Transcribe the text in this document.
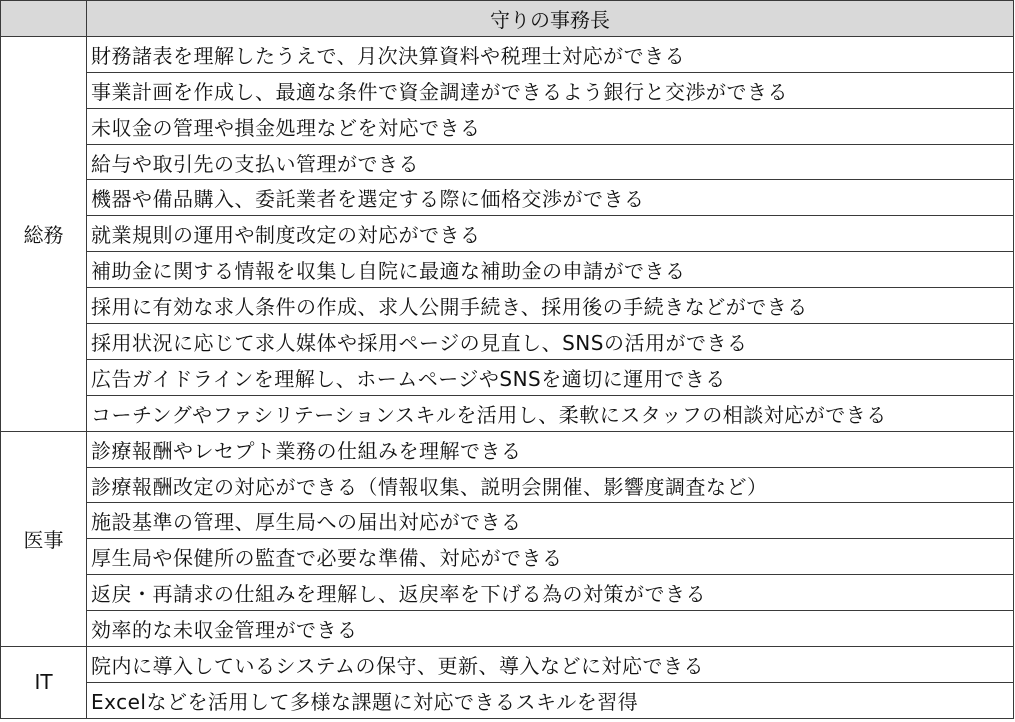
	守りの事務長
総務	財務諸表を理解したうえで、月次決算資料や税理士対応ができる
	事業計画を作成し、最適な条件で資金調達ができるよう銀行と交渉ができる
	未収金の管理や損金処理などを対応できる
	給与や取引先の支払い管理ができる
	機器や備品購入、委託業者を選定する際に価格交渉ができる
	就業規則の運用や制度改定の対応ができる
	補助金に関する情報を収集し自院に最適な補助金の申請ができる
	採用に有効な求人条件の作成、求人公開手続き、採用後の手続きなどができる
	採用状況に応じて求人媒体や採用ページの見直し、SNSの活用ができる
	広告ガイドラインを理解し、ホームページやSNSを適切に運用できる
	コーチングやファシリテーションスキルを活用し、柔軟にスタッフの相談対応ができる
医事	診療報酬やレセプト業務の仕組みを理解できる
	診療報酬改定の対応ができる（情報収集、説明会開催、影響度調査など）
	施設基準の管理、厚生局への届出対応ができる
	厚生局や保健所の監査で必要な準備、対応ができる
	返戻・再請求の仕組みを理解し、返戻率を下げる為の対策ができる
	効率的な未収金管理ができる
IT	院内に導入しているシステムの保守、更新、導入などに対応できる
	Excelなどを活用して多様な課題に対応できるスキルを習得
